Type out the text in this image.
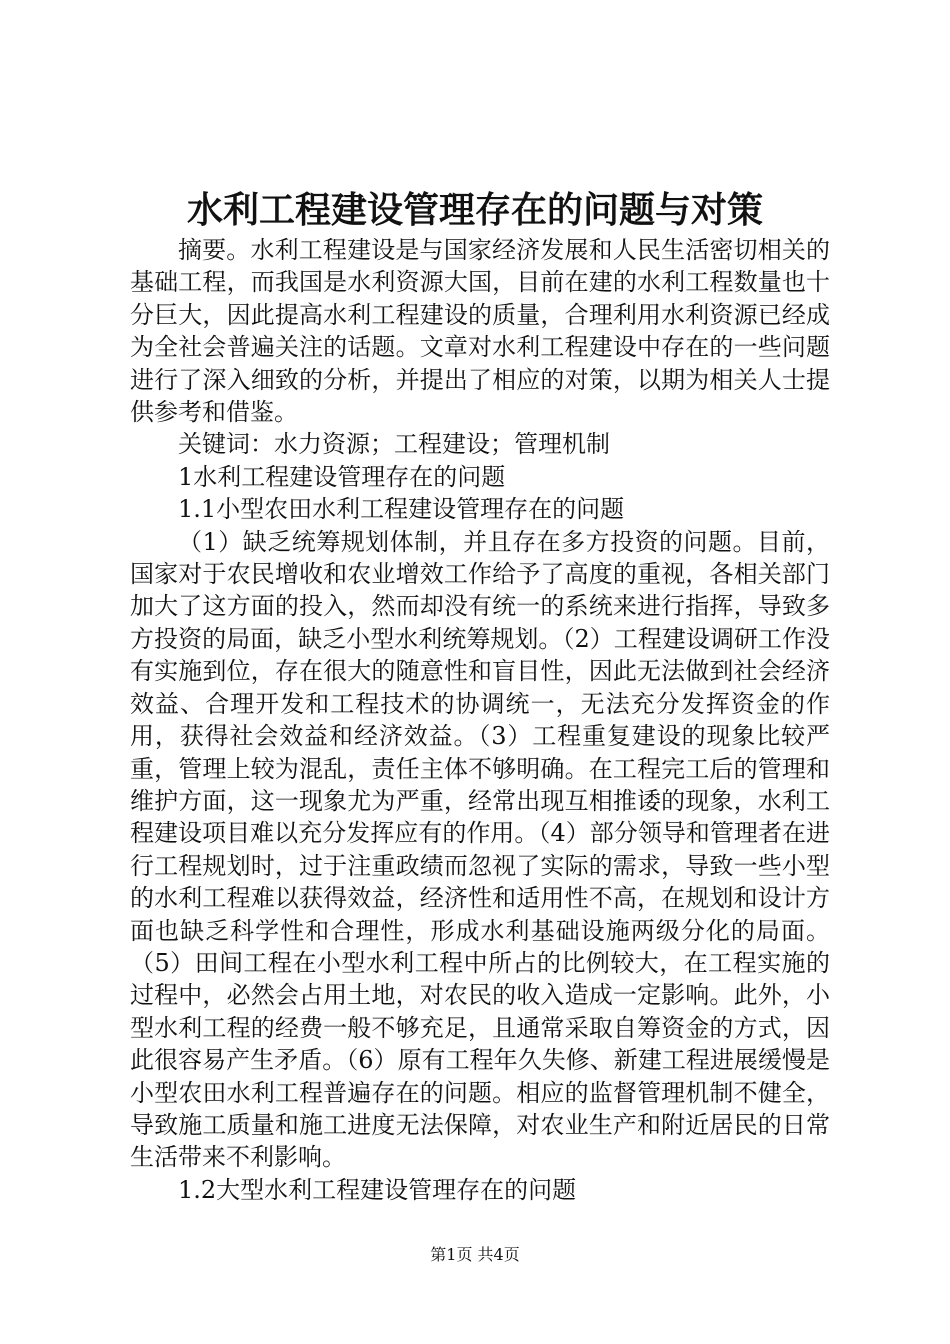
水利工程建设管理存在的问题与对策

摘要。水利工程建设是与国家经济发展和人民生活密切相关的基础工程，而我国是水利资源大国，目前在建的水利工程数量也十分巨大，因此提高水利工程建设的质量，合理利用水利资源已经成为全社会普遍关注的话题。文章对水利工程建设中存在的一些问题进行了深入细致的分析，并提出了相应的对策，以期为相关人士提供参考和借鉴。

关键词：水力资源；工程建设；管理机制

1水利工程建设管理存在的问题

1.1小型农田水利工程建设管理存在的问题

（1）缺乏统筹规划体制，并且存在多方投资的问题。目前，国家对于农民增收和农业增效工作给予了高度的重视，各相关部门加大了这方面的投入，然而却没有统一的系统来进行指挥，导致多方投资的局面，缺乏小型水利统筹规划。（2）工程建设调研工作没有实施到位，存在很大的随意性和盲目性，因此无法做到社会经济效益、合理开发和工程技术的协调统一，无法充分发挥资金的作用，获得社会效益和经济效益。（3）工程重复建设的现象比较严重，管理上较为混乱，责任主体不够明确。在工程完工后的管理和维护方面，这一现象尤为严重，经常出现互相推诿的现象，水利工程建设项目难以充分发挥应有的作用。（4）部分领导和管理者在进行工程规划时，过于注重政绩而忽视了实际的需求，导致一些小型的水利工程难以获得效益，经济性和适用性不高，在规划和设计方面也缺乏科学性和合理性，形成水利基础设施两级分化的局面。（5）田间工程在小型水利工程中所占的比例较大，在工程实施的过程中，必然会占用土地，对农民的收入造成一定影响。此外，小型水利工程的经费一般不够充足，且通常采取自筹资金的方式，因此很容易产生矛盾。（6）原有工程年久失修、新建工程进展缓慢是小型农田水利工程普遍存在的问题。相应的监督管理机制不健全，导致施工质量和施工进度无法保障，对农业生产和附近居民的日常生活带来不利影响。

1.2大型水利工程建设管理存在的问题

第1页 共4页
